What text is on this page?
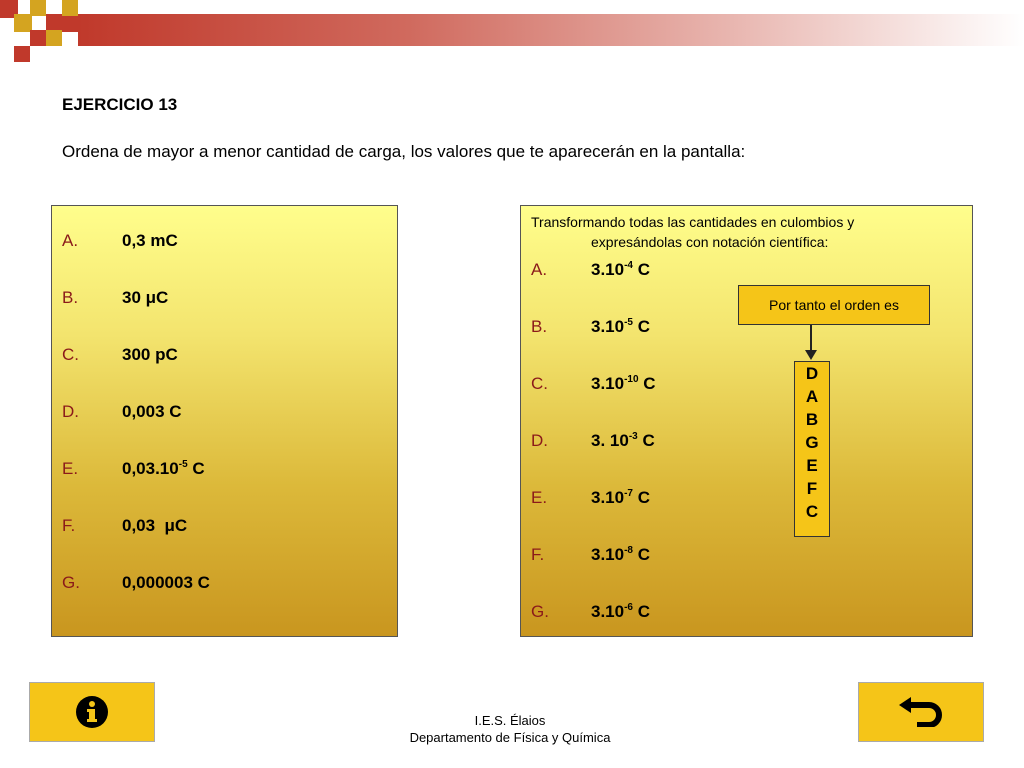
EJERCICIO 13
Ordena de mayor a menor cantidad de carga, los valores que te aparecerán en la pantalla:
A.	0,3 mC
B.	30 μC
C.	300 pC
D.	0,003 C
E.	$0,03.10^{-5}$ C
F.	0,03  μC
G. 0,000003 C
Transformando todas las cantidades en culombios y
expresándolas con notación científica:
A.	$3.10^{-4}$ C
B.	$3.10^{-5}$ C
C.	$3.10^{-10}$ C
D.	3. $10^{-3}$ C
E.	$3.10^{-7}$ C
F.	$3.10^{-8}$ C
G. $3.10^{-6}$ C
Por tanto el orden es
D
A
B
G
E
F
C
I.E.S. Élaios
Departamento de Física y Química
